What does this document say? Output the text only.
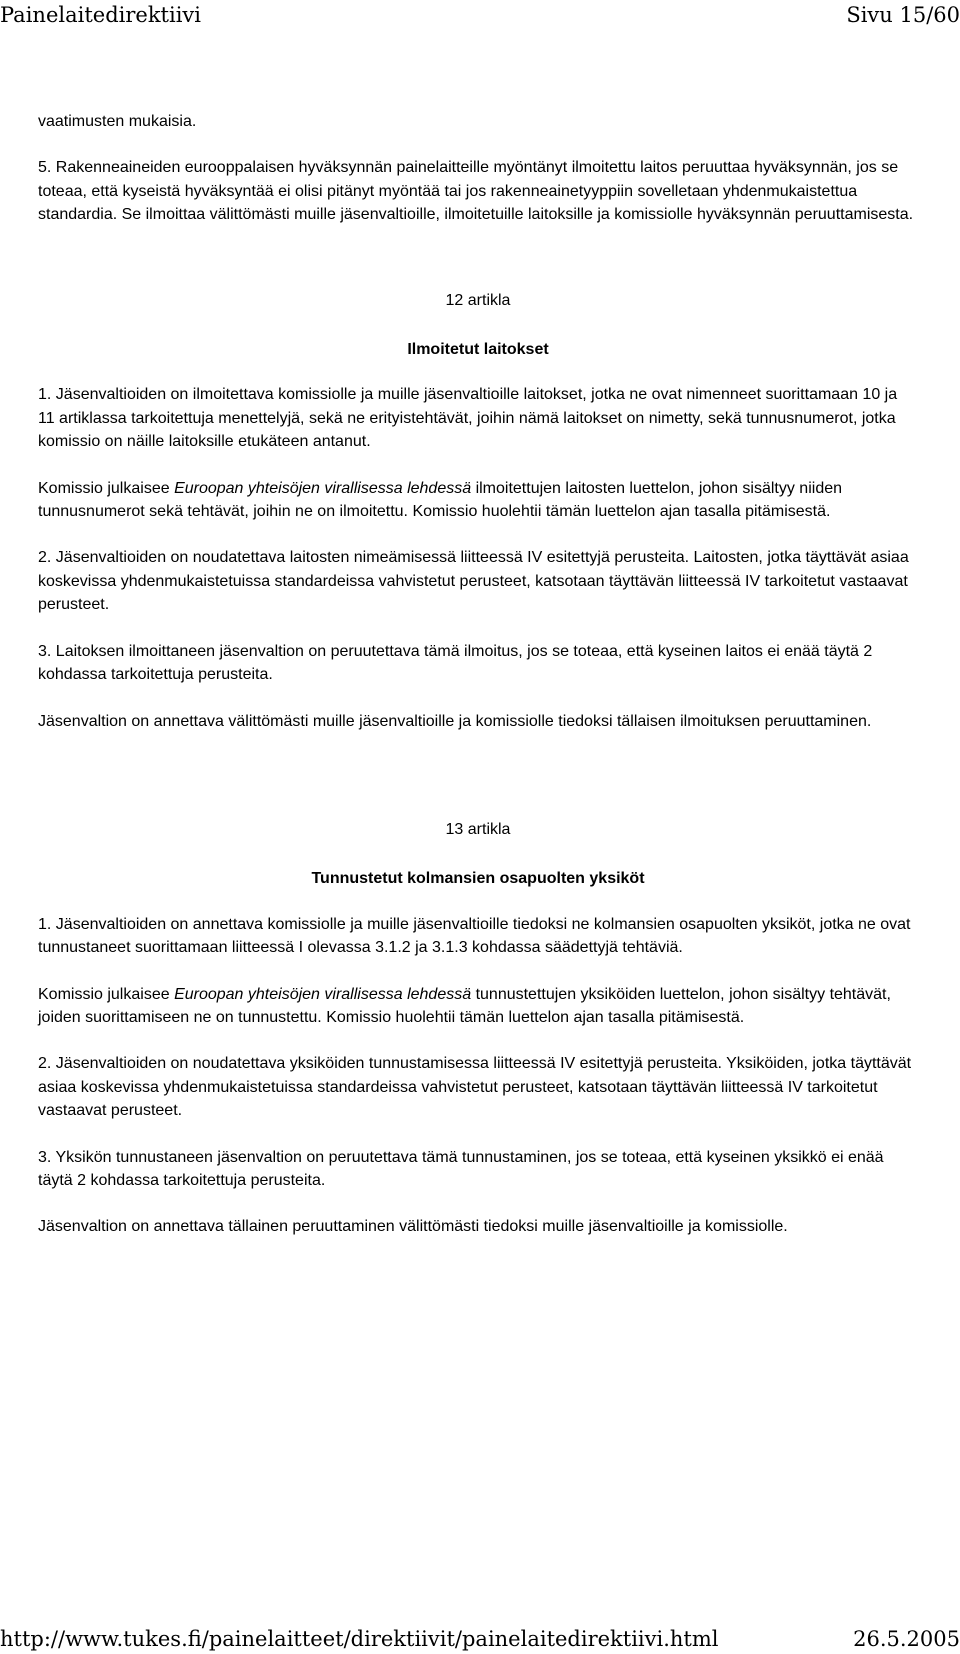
Painelaitedirektiivi	Sivu 15/60

vaatimusten mukaisia.

5. Rakenneaineiden eurooppalaisen hyväksynnän painelaitteille myöntänyt ilmoitettu laitos peruuttaa hyväksynnän, jos se toteaa, että kyseistä hyväksyntää ei olisi pitänyt myöntää tai jos rakenneainetyyppiin sovelletaan yhdenmukaistettua standardia. Se ilmoittaa välittömästi muille jäsenvaltioille, ilmoitetuille laitoksille ja komissiolle hyväksynnän peruuttamisesta.

12 artikla

Ilmoitetut laitokset

1. Jäsenvaltioiden on ilmoitettava komissiolle ja muille jäsenvaltioille laitokset, jotka ne ovat nimenneet suorittamaan 10 ja 11 artiklassa tarkoitettuja menettelyjä, sekä ne erityistehtävät, joihin nämä laitokset on nimetty, sekä tunnusnumerot, jotka komissio on näille laitoksille etukäteen antanut.

Komissio julkaisee Euroopan yhteisöjen virallisessa lehdessä ilmoitettujen laitosten luettelon, johon sisältyy niiden tunnusnumerot sekä tehtävät, joihin ne on ilmoitettu. Komissio huolehtii tämän luettelon ajan tasalla pitämisestä.

2. Jäsenvaltioiden on noudatettava laitosten nimeämisessä liitteessä IV esitettyjä perusteita. Laitosten, jotka täyttävät asiaa koskevissa yhdenmukaistetuissa standardeissa vahvistetut perusteet, katsotaan täyttävän liitteessä IV tarkoitetut vastaavat perusteet.

3. Laitoksen ilmoittaneen jäsenvaltion on peruutettava tämä ilmoitus, jos se toteaa, että kyseinen laitos ei enää täytä 2 kohdassa tarkoitettuja perusteita.

Jäsenvaltion on annettava välittömästi muille jäsenvaltioille ja komissiolle tiedoksi tällaisen ilmoituksen peruuttaminen.

13 artikla

Tunnustetut kolmansien osapuolten yksiköt

1. Jäsenvaltioiden on annettava komissiolle ja muille jäsenvaltioille tiedoksi ne kolmansien osapuolten yksiköt, jotka ne ovat tunnustaneet suorittamaan liitteessä I olevassa 3.1.2 ja 3.1.3 kohdassa säädettyjä tehtäviä.

Komissio julkaisee Euroopan yhteisöjen virallisessa lehdessä tunnustettujen yksiköiden luettelon, johon sisältyy tehtävät, joiden suorittamiseen ne on tunnustettu. Komissio huolehtii tämän luettelon ajan tasalla pitämisestä.

2. Jäsenvaltioiden on noudatettava yksiköiden tunnustamisessa liitteessä IV esitettyjä perusteita. Yksiköiden, jotka täyttävät asiaa koskevissa yhdenmukaistetuissa standardeissa vahvistetut perusteet, katsotaan täyttävän liitteessä IV tarkoitetut vastaavat perusteet.

3. Yksikön tunnustaneen jäsenvaltion on peruutettava tämä tunnustaminen, jos se toteaa, että kyseinen yksikkö ei enää täytä 2 kohdassa tarkoitettuja perusteita.

Jäsenvaltion on annettava tällainen peruuttaminen välittömästi tiedoksi muille jäsenvaltioille ja komissiolle.

http://www.tukes.fi/painelaitteet/direktiivit/painelaitedirektiivi.html	26.5.2005
